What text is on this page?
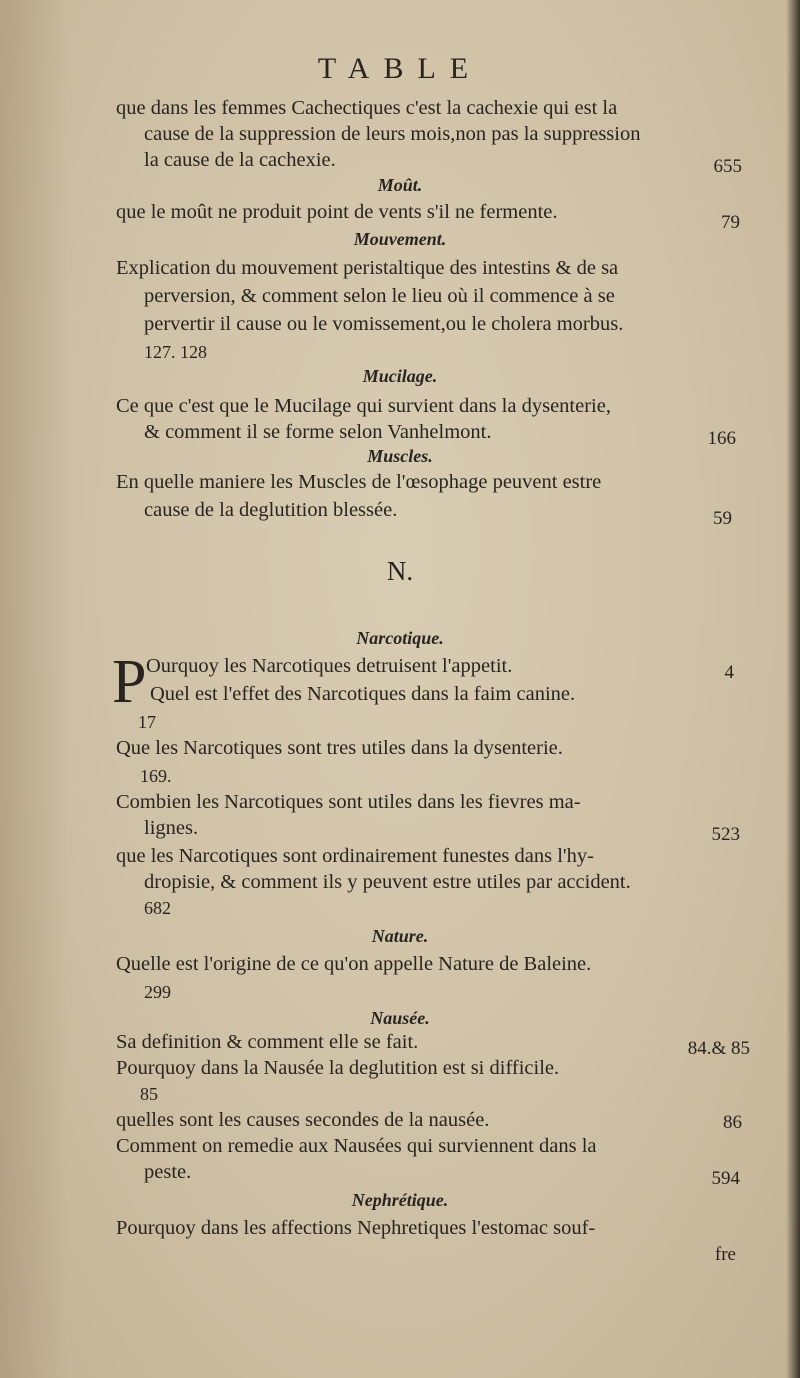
TABLE
que dans les femmes Cachectiques c'est la cachexie qui est la
cause de la suppression de leurs mois,non pas la suppression
la cause de la cachexie.	655
Moût.
que le moût ne produit point de vents s'il ne fermente.	79
Mouvement.
Explication du mouvement peristaltique des intestins & de sa
perversion, & comment selon le lieu où il commence à se
pervertir il cause ou le vomissement,ou le cholera morbus.
127. 128
Mucilage.
Ce que c'est que le Mucilage qui survient dans la dysenterie,
& comment il se forme selon Vanhelmont.	166
Muscles.
En quelle maniere les Muscles de l'œsophage peuvent estre
cause de la deglutition blessée.	59
N.
Narcotique.
P Ourquoy les Narcotiques detruisent l'appetit.	4
Quel est l'effet des Narcotiques dans la faim canine.
17
Que les Narcotiques sont tres utiles dans la dysenterie.
169.
Combien les Narcotiques sont utiles dans les fievres ma-
lignes.	523
que les Narcotiques sont ordinairement funestes dans l'hy-
dropisie, & comment ils y peuvent estre utiles par accident.
682
Nature.
Quelle est l'origine de ce qu'on appelle Nature de Baleine.
299
Nausée.
Sa definition & comment elle se fait.	84.& 85
Pourquoy dans la Nausée la deglutition est si difficile.
85
quelles sont les causes secondes de la nausée.	86
Comment on remedie aux Nausées qui surviennent dans la
peste.	594
Nephrétique.
Pourquoy dans les affections Nephretiques l'estomac souf-
fre
